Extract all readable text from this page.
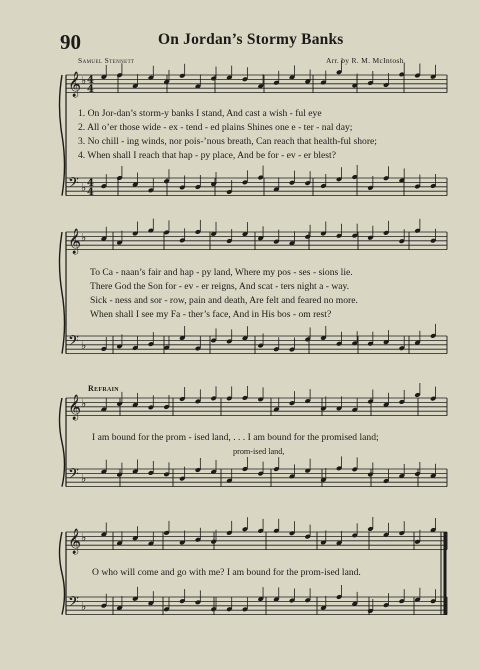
90	On Jordan’s Stormy Banks
Samuel Stennett	Arr. by R. M. McIntosh
𝄞
𝄢
♭
♭
𝄞
𝄢
♭
♭
𝄞
𝄢
♭
♭
𝄞
𝄢
♭
♭
4
4
4
4
1. On Jor-dan’s storm-y banks I stand, And cast a wish - ful eye
2. All o’er those wide - ex - tend - ed plains Shines one e - ter - nal day;
3. No chill - ing winds, nor pois-’nous breath, Can reach that health-ful shore;
4. When shall I reach that hap - py place, And be for - ev - er blest?
To Ca - naan’s fair and hap - py land, Where my pos - ses - sions lie.
There God the Son for - ev - er reigns, And scat - ters night a - way.
Sick - ness and sor - row, pain and death, Are felt and feared no more.
When shall I see my Fa - ther’s face, And in His bos - om rest?
Refrain
I am bound for the prom - ised land, . . . I am bound for the promised land;
prom-ised land,
O who will come and go with me? I am bound for the prom-ised land.
